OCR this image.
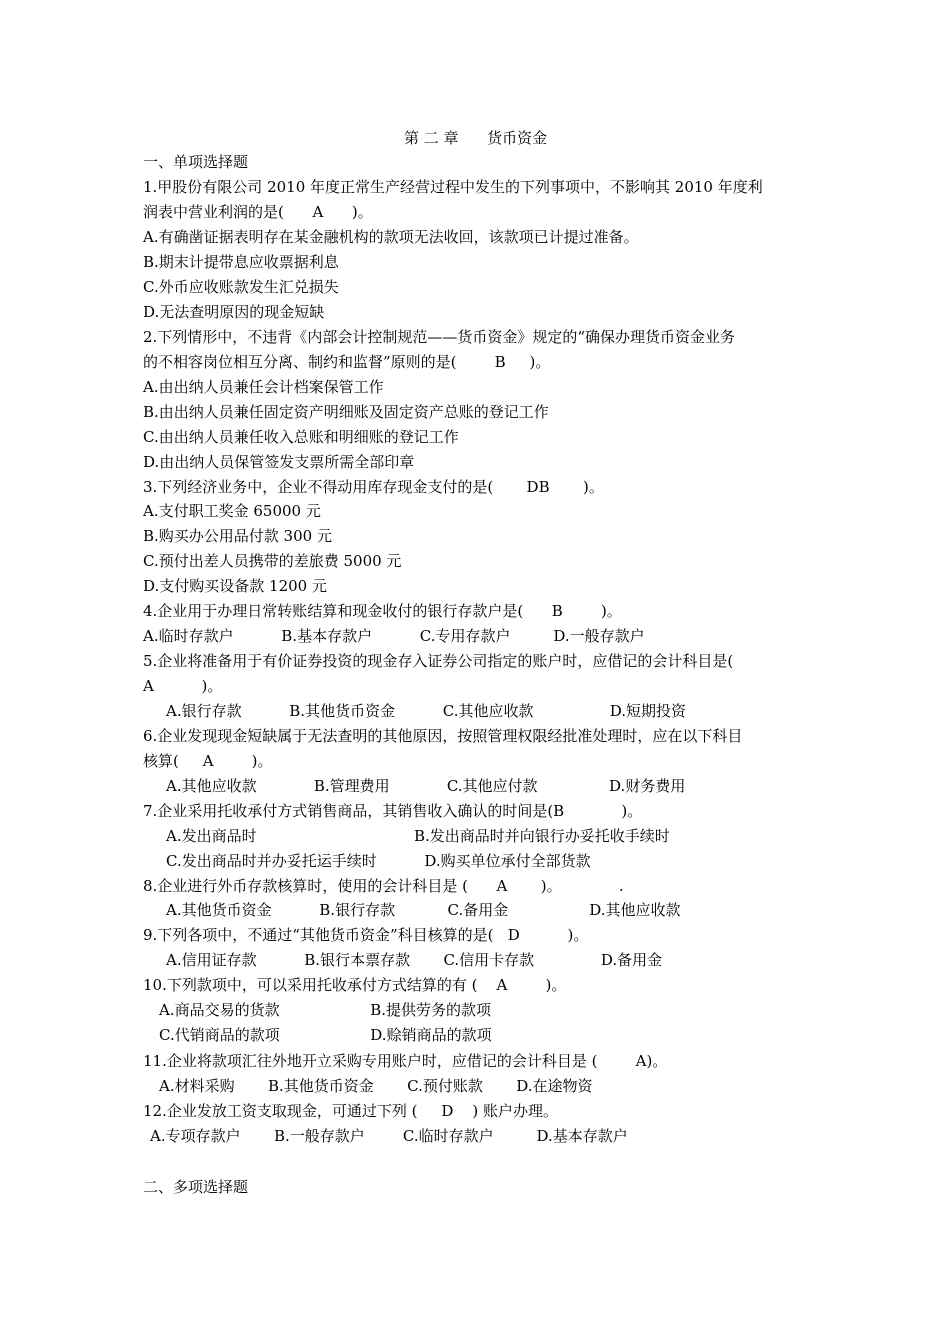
第 二 章      货币资金
一、单项选择题
1.甲股份有限公司 2010 年度正常生产经营过程中发生的下列事项中，不影响其 2010 年度利
润表中营业利润的是(      A      )。
A.有确凿证据表明存在某金融机构的款项无法收回，该款项已计提过准备。
B.期末计提带息应收票据利息
C.外币应收账款发生汇兑损失
D.无法查明原因的现金短缺
2.下列情形中，不违背《内部会计控制规范——货币资金》规定的“确保办理货币资金业务
的不相容岗位相互分离、制约和监督”原则的是(        B     )。
A.由出纳人员兼任会计档案保管工作
B.由出纳人员兼任固定资产明细账及固定资产总账的登记工作
C.由出纳人员兼任收入总账和明细账的登记工作
D.由出纳人员保管签发支票所需全部印章
3.下列经济业务中，企业不得动用库存现金支付的是(       DB       )。
A.支付职工奖金 65000 元
B.购买办公用品付款 300 元
C.预付出差人员携带的差旅费 5000 元
D.支付购买设备款 1200 元
4.企业用于办理日常转账结算和现金收付的银行存款户是(      B        )。
A.临时存款户          B.基本存款户          C.专用存款户         D.一般存款户
5.企业将准备用于有价证券投资的现金存入证券公司指定的账户时，应借记的会计科目是(
A          )。
A.银行存款          B.其他货币资金          C.其他应收款                D.短期投资
6.企业发现现金短缺属于无法查明的其他原因，按照管理权限经批准处理时，应在以下科目
核算(     A        )。
A.其他应收款            B.管理费用            C.其他应付款               D.财务费用
7.企业采用托收承付方式销售商品，其销售收入确认的时间是(B            )。
A.发出商品时                                 B.发出商品时并向银行办妥托收手续时
C.发出商品时并办妥托运手续时          D.购买单位承付全部货款
8.企业进行外币存款核算时，使用的会计科目是 (      A       )。            .
A.其他货币资金          B.银行存款           C.备用金                 D.其他应收款
9.下列各项中，不通过“其他货币资金”科目核算的是(   D          )。
A.信用证存款          B.银行本票存款       C.信用卡存款              D.备用金
10.下列款项中，可以采用托收承付方式结算的有 (    A        )。
A.商品交易的货款                   B.提供劳务的款项
C.代销商品的款项                   D.赊销商品的款项
11.企业将款项汇往外地开立采购专用账户时，应借记的会计科目是 (        A)。
A.材料采购       B.其他货币资金       C.预付账款       D.在途物资
12.企业发放工资支取现金，可通过下列 (     D    ) 账户办理。
A.专项存款户       B.一般存款户        C.临时存款户         D.基本存款户
二、多项选择题
